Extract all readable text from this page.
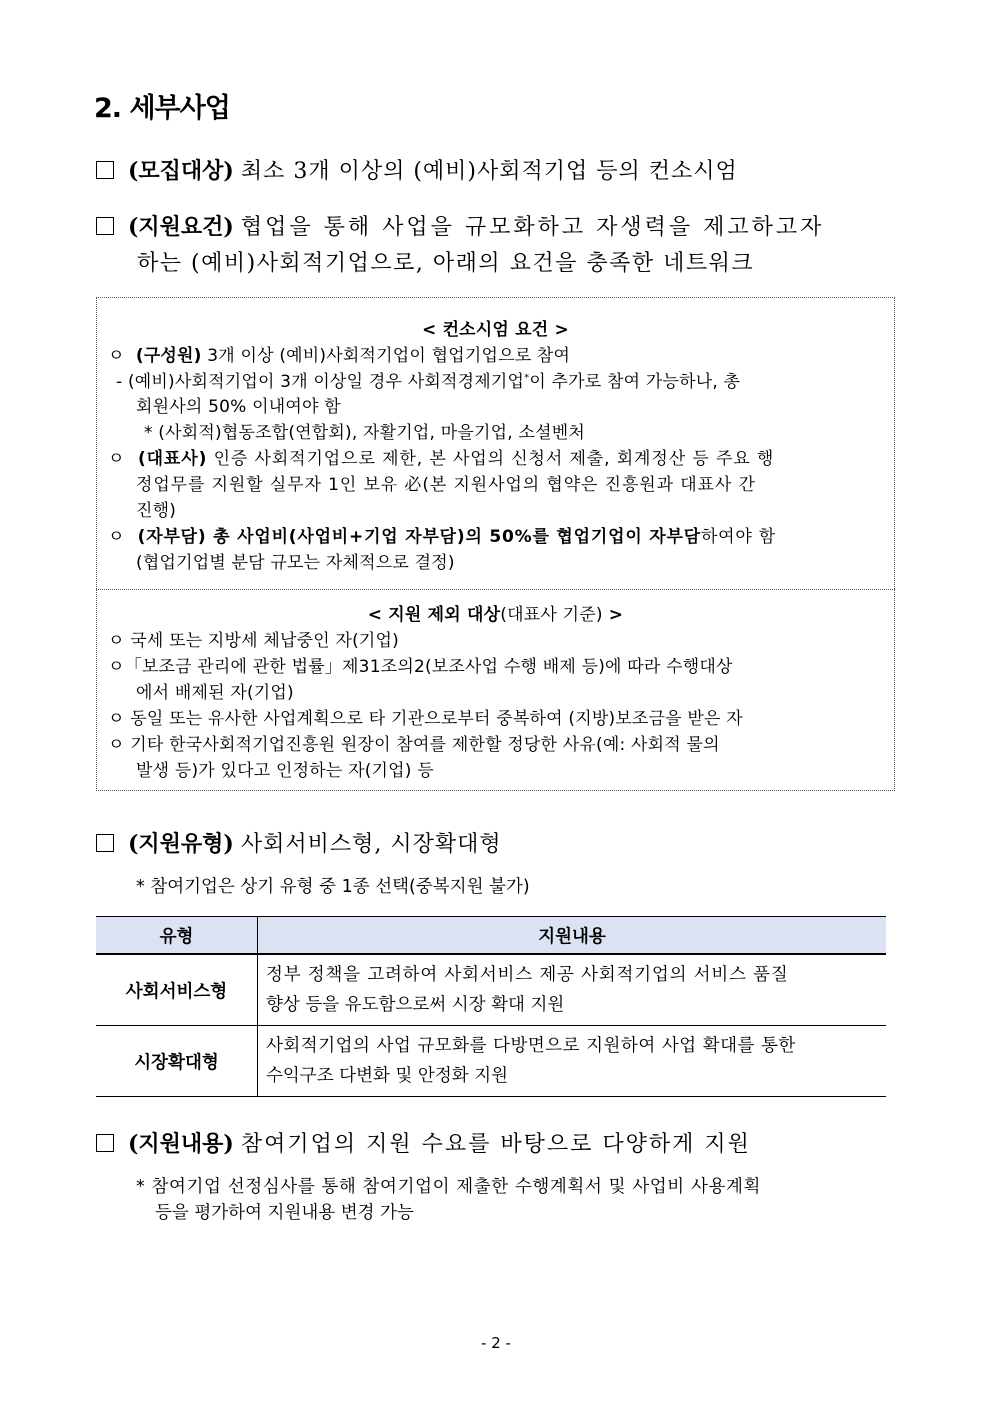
2. 세부사업
(모집대상) 최소 3개 이상의 (예비)사회적기업 등의 컨소시엄
(지원요건) 협업을 통해 사업을 규모화하고 자생력을 제고하고자
하는 (예비)사회적기업으로, 아래의 요건을 충족한 네트워크
< 컨소시엄 요건 >
ㅇ (구성원) 3개 이상 (예비)사회적기업이 협업기업으로 참여
- (예비)사회적기업이 3개 이상일 경우 사회적경제기업*이 추가로 참여 가능하나, 총
회원사의 50% 이내여야 함
* (사회적)협동조합(연합회), 자활기업, 마을기업, 소셜벤처
ㅇ (대표사) 인증 사회적기업으로 제한, 본 사업의 신청서 제출, 회계정산 등 주요 행
정업무를 지원할 실무자 1인 보유 必(본 지원사업의 협약은 진흥원과 대표사 간
진행)
ㅇ (자부담) 총 사업비(사업비+기업 자부담)의 50%를 협업기업이 자부담하여야 함
(협업기업별 분담 규모는 자체적으로 결정)
< 지원 제외 대상(대표사 기준) >
ㅇ 국세 또는 지방세 체납중인 자(기업)
ㅇ「보조금 관리에 관한 법률」제31조의2(보조사업 수행 배제 등)에 따라 수행대상
에서 배제된 자(기업)
ㅇ 동일 또는 유사한 사업계획으로 타 기관으로부터 중복하여 (지방)보조금을 받은 자
ㅇ 기타 한국사회적기업진흥원 원장이 참여를 제한할 정당한 사유(예: 사회적 물의
발생 등)가 있다고 인정하는 자(기업) 등
(지원유형) 사회서비스형, 시장확대형
* 참여기업은 상기 유형 중 1종 선택(중복지원 불가)
유형	지원내용
사회서비스형	정부 정책을 고려하여 사회서비스 제공 사회적기업의 서비스 품질
향상 등을 유도함으로써 시장 확대 지원

시장확대형	사회적기업의 사업 규모화를 다방면으로 지원하여 사업 확대를 통한
수익구조 다변화 및 안정화 지원
(지원내용) 참여기업의 지원 수요를 바탕으로 다양하게 지원
* 참여기업 선정심사를 통해 참여기업이 제출한 수행계획서 및 사업비 사용계획
등을 평가하여 지원내용 변경 가능
- 2 -
